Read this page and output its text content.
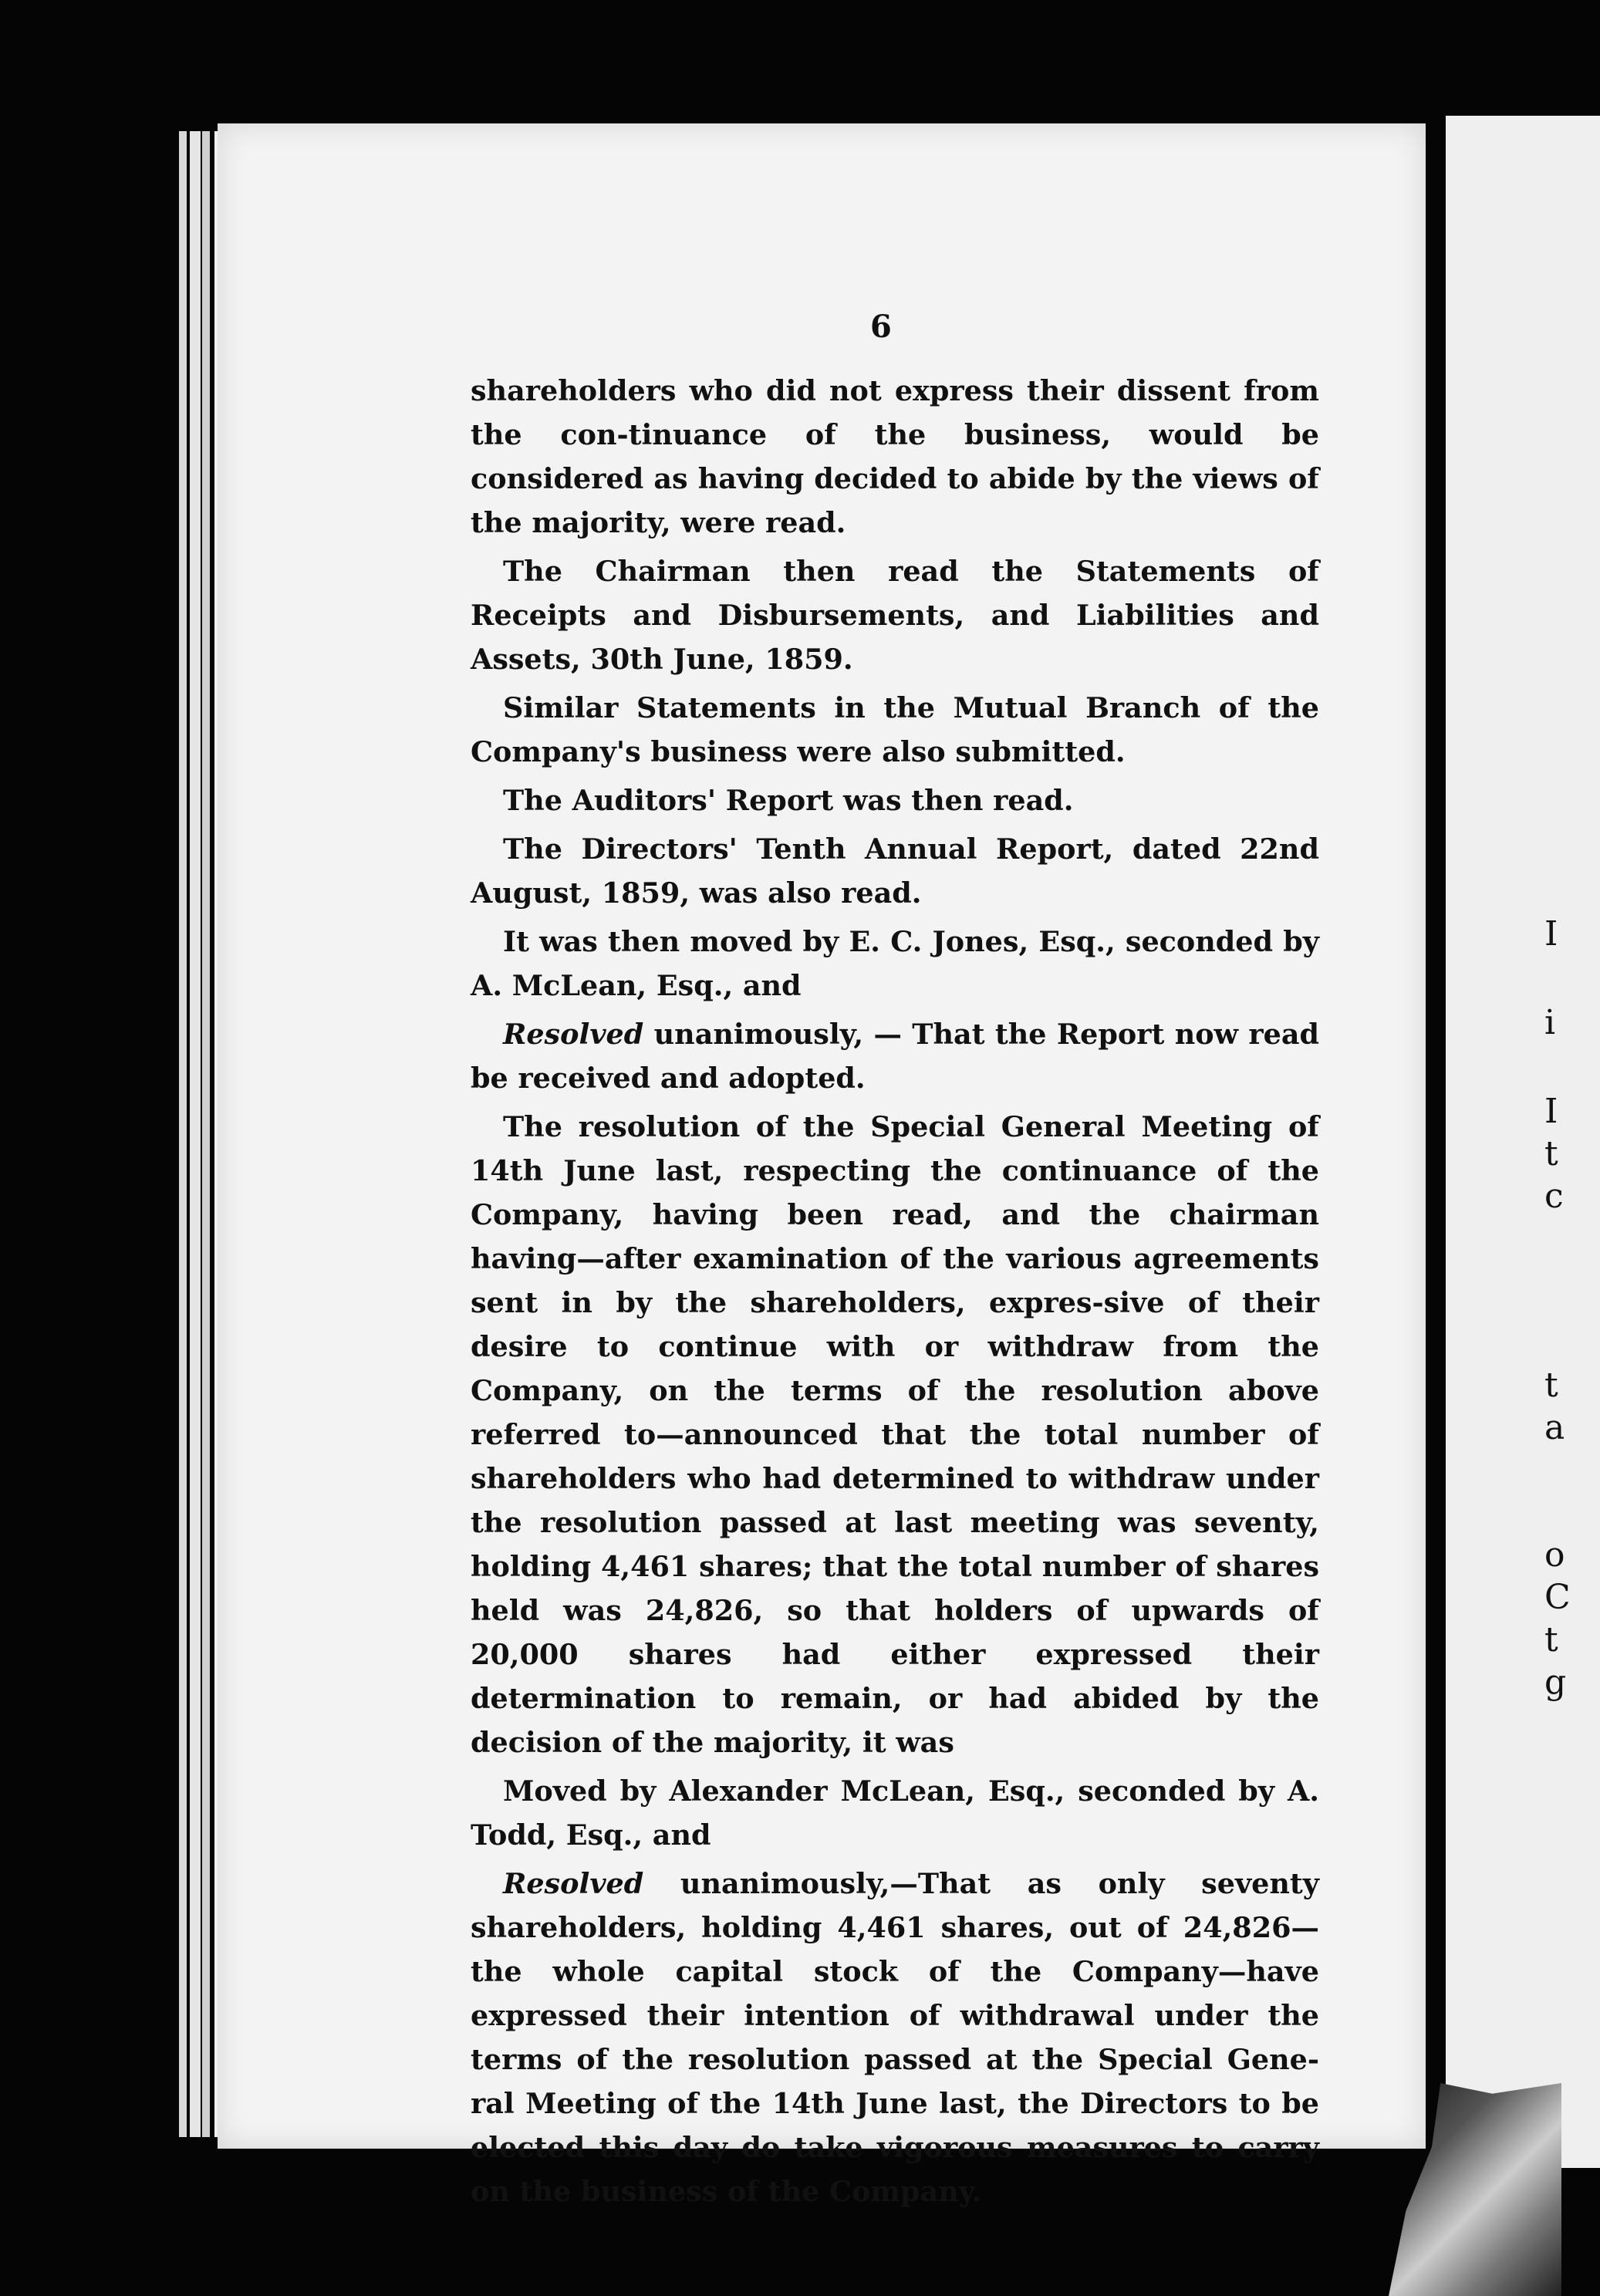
I
i
I
t
c
t
a
o
C
t
g
6

shareholders who did not express their dissent from the con-tinuance of the business, would be considered as having decided to abide by the views of the majority, were read.

The Chairman then read the Statements of Receipts and Disbursements, and Liabilities and Assets, 30th June, 1859.

Similar Statements in the Mutual Branch of the Company's business were also submitted.

The Auditors' Report was then read.

The Directors' Tenth Annual Report, dated 22nd August, 1859, was also read.

It was then moved by E. C. Jones, Esq., seconded by A. McLean, Esq., and

Resolved unanimously, — That the Report now read be received and adopted.

The resolution of the Special General Meeting of 14th June last, respecting the continuance of the Company, having been read, and the chairman having—after examination of the various agreements sent in by the shareholders, expres-sive of their desire to continue with or withdraw from the Company, on the terms of the resolution above referred to—announced that the total number of shareholders who had determined to withdraw under the resolution passed at last meeting was seventy, holding 4,461 shares; that the total number of shares held was 24,826, so that holders of upwards of 20,000 shares had either expressed their determination to remain, or had abided by the decision of the majority, it was

Moved by Alexander McLean, Esq., seconded by A. Todd, Esq., and

Resolved unanimously,—That as only seventy shareholders, holding 4,461 shares, out of 24,826—the whole capital stock of the Company—have expressed their intention of withdrawal under the terms of the resolution passed at the Special Gene-ral Meeting of the 14th June last, the Directors to be elected this day do take vigorous measures to carry on the business of the Company.
